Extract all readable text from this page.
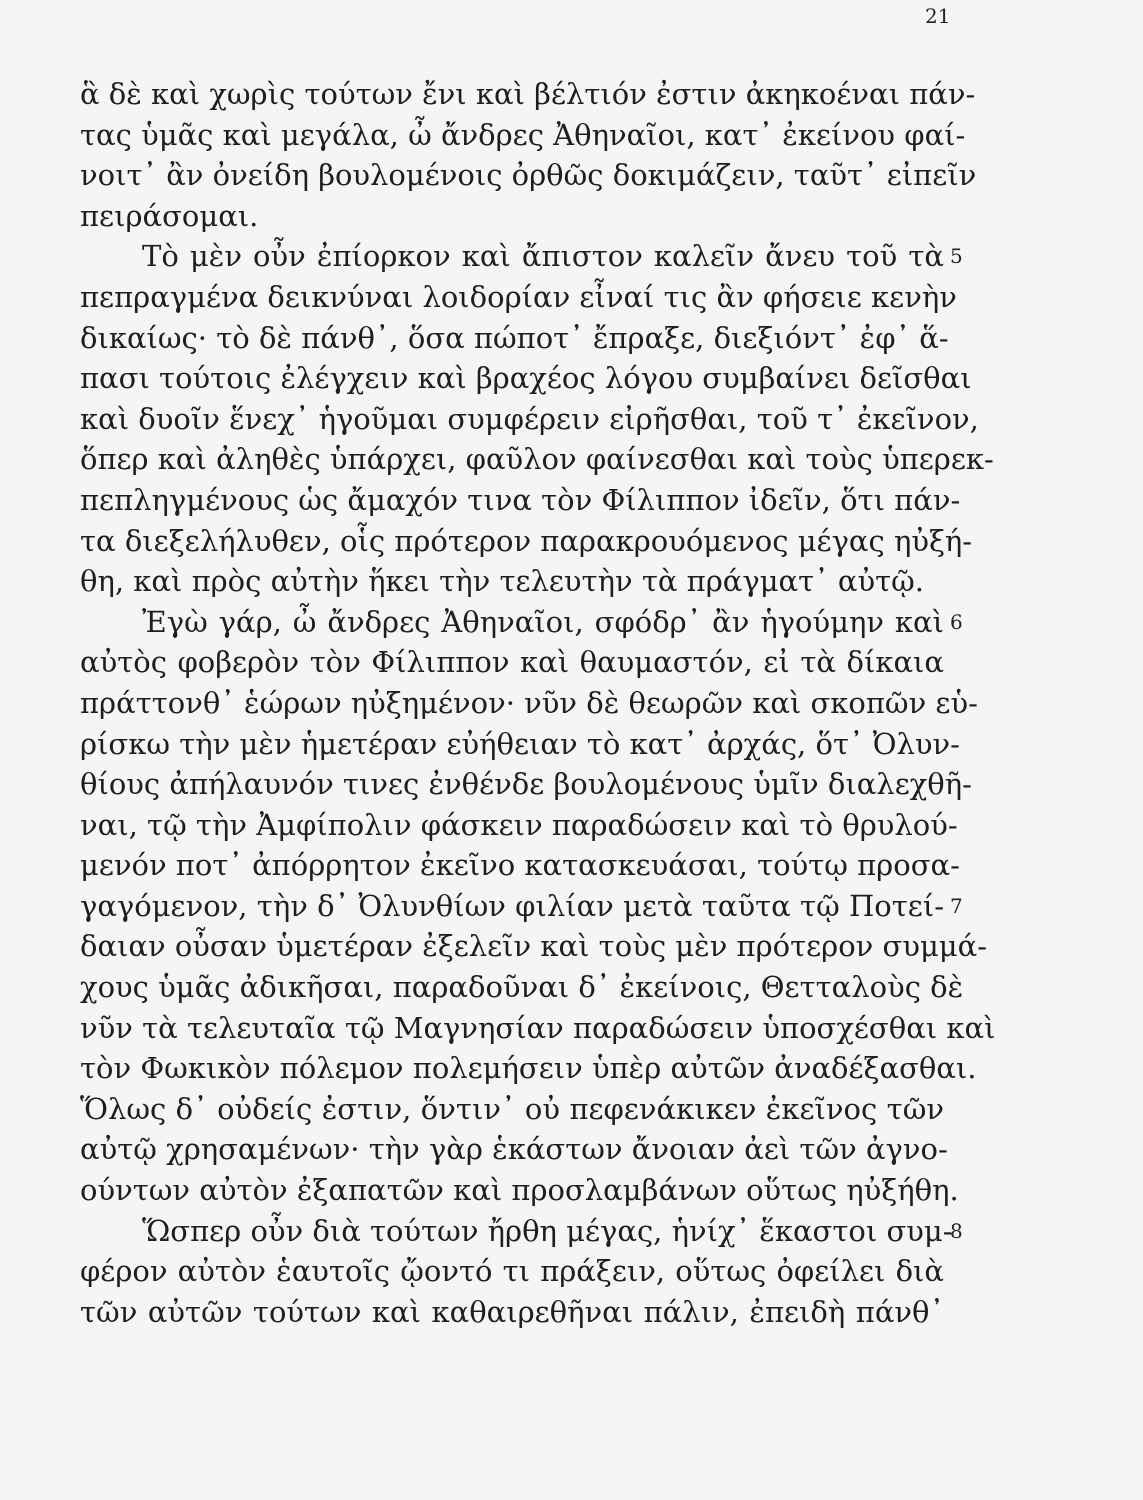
21
ἃ δὲ καὶ χωρὶς τούτων ἔνι καὶ βέλτιόν ἐστιν ἀκηκοέναι πάν-
τας ὑμᾶς καὶ μεγάλα, ὦ ἄνδρες Ἀθηναῖοι, κατ᾽ ἐκείνου φαί-
νοιτ᾽ ἂν ὀνείδη βουλομένοις ὀρθῶς δοκιμάζειν, ταῦτ᾽ εἰπεῖν
πειράσομαι.
Τὸ μὲν οὖν ἐπίορκον καὶ ἄπιστον καλεῖν ἄνευ τοῦ τὰ
πεπραγμένα δεικνύναι λοιδορίαν εἶναί τις ἂν φήσειε κενὴν
δικαίως· τὸ δὲ πάνθ᾽, ὅσα πώποτ᾽ ἔπραξε, διεξιόντ᾽ ἐφ᾽ ἅ-
πασι τούτοις ἐλέγχειν καὶ βραχέος λόγου συμβαίνει δεῖσθαι
καὶ δυοῖν ἕνεχ᾽ ἡγοῦμαι συμφέρειν εἰρῆσθαι, τοῦ τ᾽ ἐκεῖνον,
ὅπερ καὶ ἀληθὲς ὑπάρχει, φαῦλον φαίνεσθαι καὶ τοὺς ὑπερεκ-
πεπληγμένους ὡς ἄμαχόν τινα τὸν Φίλιππον ἰδεῖν, ὅτι πάν-
τα διεξελήλυθεν, οἷς πρότερον παρακρουόμενος μέγας ηὐξή-
θη, καὶ πρὸς αὐτὴν ἥκει τὴν τελευτὴν τὰ πράγματ᾽ αὐτῷ.
Ἐγὼ γάρ, ὦ ἄνδρες Ἀθηναῖοι, σφόδρ᾽ ἂν ἡγούμην καὶ
αὐτὸς φοβερὸν τὸν Φίλιππον καὶ θαυμαστόν, εἰ τὰ δίκαια
πράττονθ᾽ ἑώρων ηὐξημένον· νῦν δὲ θεωρῶν καὶ σκοπῶν εὑ-
ρίσκω τὴν μὲν ἡμετέραν εὐήθειαν τὸ κατ᾽ ἀρχάς, ὅτ᾽ Ὀλυν-
θίους ἀπήλαυνόν τινες ἐνθένδε βουλομένους ὑμῖν διαλεχθῆ-
ναι, τῷ τὴν Ἀμφίπολιν φάσκειν παραδώσειν καὶ τὸ θρυλού-
μενόν ποτ᾽ ἀπόρρητον ἐκεῖνο κατασκευάσαι, τούτῳ προσα-
γαγόμενον, τὴν δ᾽ Ὀλυνθίων φιλίαν μετὰ ταῦτα τῷ Ποτεί-
δαιαν οὖσαν ὑμετέραν ἐξελεῖν καὶ τοὺς μὲν πρότερον συμμά-
χους ὑμᾶς ἀδικῆσαι, παραδοῦναι δ᾽ ἐκείνοις, Θετταλοὺς δὲ
νῦν τὰ τελευταῖα τῷ Μαγνησίαν παραδώσειν ὑποσχέσθαι καὶ
τὸν Φωκικὸν πόλεμον πολεμήσειν ὑπὲρ αὐτῶν ἀναδέξασθαι.
Ὅλως δ᾽ οὐδείς ἐστιν, ὅντιν᾽ οὐ πεφενάκικεν ἐκεῖνος τῶν
αὐτῷ χρησαμένων· τὴν γὰρ ἑκάστων ἄνοιαν ἀεὶ τῶν ἀγνο-
ούντων αὐτὸν ἐξαπατῶν καὶ προσλαμβάνων οὕτως ηὐξήθη.
Ὥσπερ οὖν διὰ τούτων ἤρθη μέγας, ἡνίχ᾽ ἕκαστοι συμ-
φέρον αὐτὸν ἑαυτοῖς ᾤοντό τι πράξειν, οὕτως ὀφείλει διὰ
τῶν αὐτῶν τούτων καὶ καθαιρεθῆναι πάλιν, ἐπειδὴ πάνθ᾽
5
6
7
8
